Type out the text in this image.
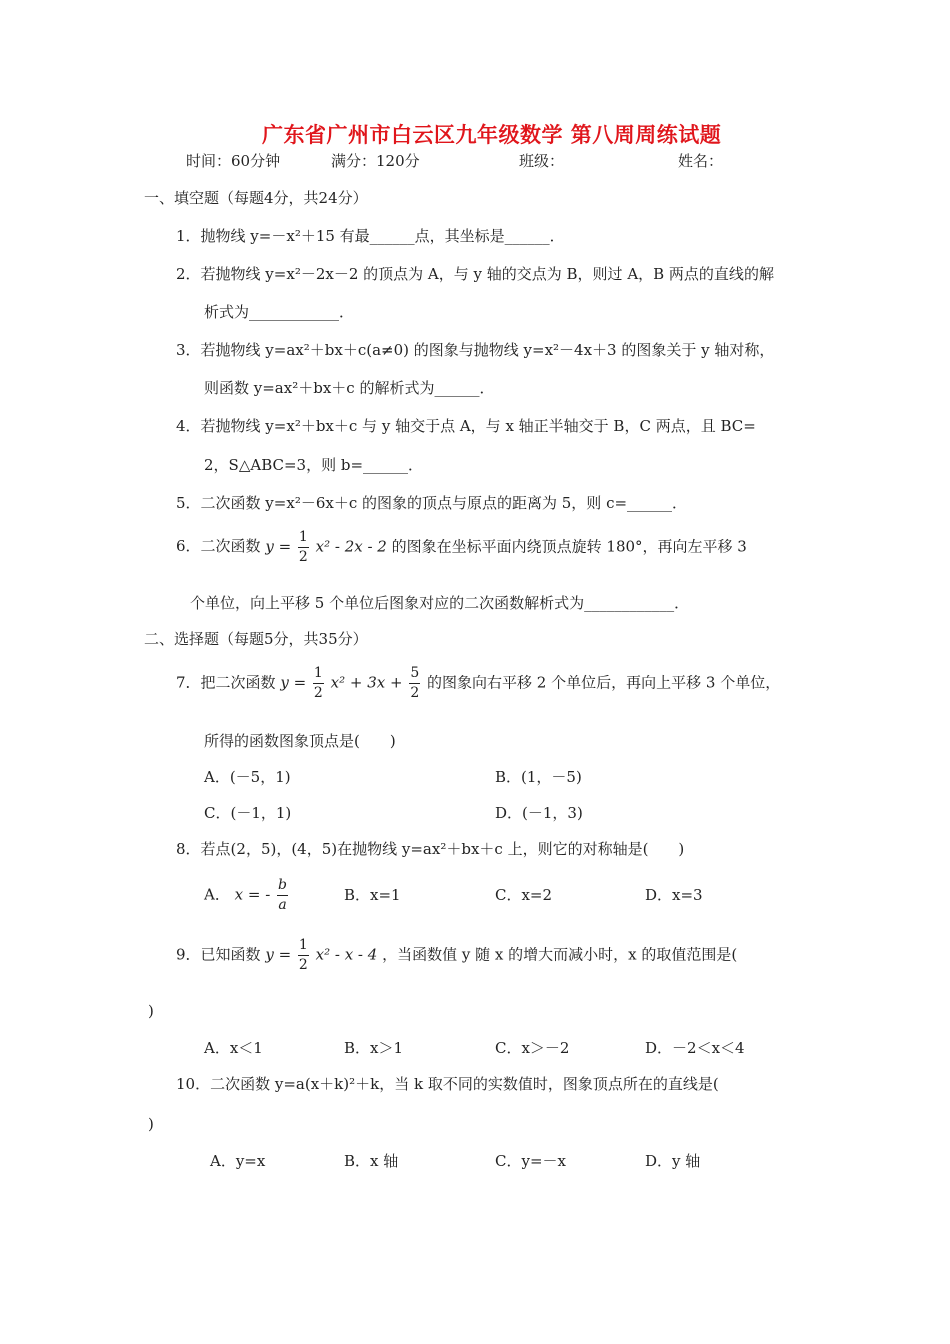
广东省广州市白云区九年级数学 第八周周练试题
时间：60分钟	满分：120分	班级：	姓名：
一、填空题（每题4分，共24分）
1．抛物线 y=－x²＋15 有最______点，其坐标是______．
2．若抛物线 y=x²－2x－2 的顶点为 A，与 y 轴的交点为 B，则过 A，B 两点的直线的解
析式为____________．
3．若抛物线 y=ax²＋bx＋c(a≠0) 的图象与抛物线 y=x²－4x＋3 的图象关于 y 轴对称，
则函数 y=ax²＋bx＋c 的解析式为______．
4．若抛物线 y=x²＋bx＋c 与 y 轴交于点 A，与 x 轴正半轴交于 B，C 两点，且 BC=
2，S△ABC=3，则 b=______．
5．二次函数 y=x²－6x＋c 的图象的顶点与原点的距离为 5，则 c=______．
6．二次函数 $y = \frac{1}{2} x^2 - 2x - 2$ 的图象在坐标平面内绕顶点旋转 180°，再向左平移 3
个单位，向上平移 5 个单位后图象对应的二次函数解析式为____________．
二、选择题（每题5分，共35分）
7．把二次函数 $y = \frac{1}{2} x^2 + 3x + \frac{5}{2}$ 的图象向右平移 2 个单位后，再向上平移 3 个单位，
所得的函数图象顶点是(　　)
A．(－5，1)	B．(1，－5)
C．(－1，1)	D．(－1，3)
8．若点(2，5)，(4，5)在抛物线 y=ax²＋bx＋c 上，则它的对称轴是(　　)
A． x = - $\frac{b}{a}$	B．x=1	C．x=2	D．x=3
9．已知函数 $y = \frac{1}{2} x^2 - x - 4$ ，当函数值 y 随 x 的增大而减小时，x 的取值范围是(
)
A．x＜1	B．x＞1	C．x＞－2	D．－2＜x＜4
10．二次函数 y=a(x＋k)²＋k，当 k 取不同的实数值时，图象顶点所在的直线是(
)
A．y=x	B．x 轴	C．y=－x	D．y 轴
